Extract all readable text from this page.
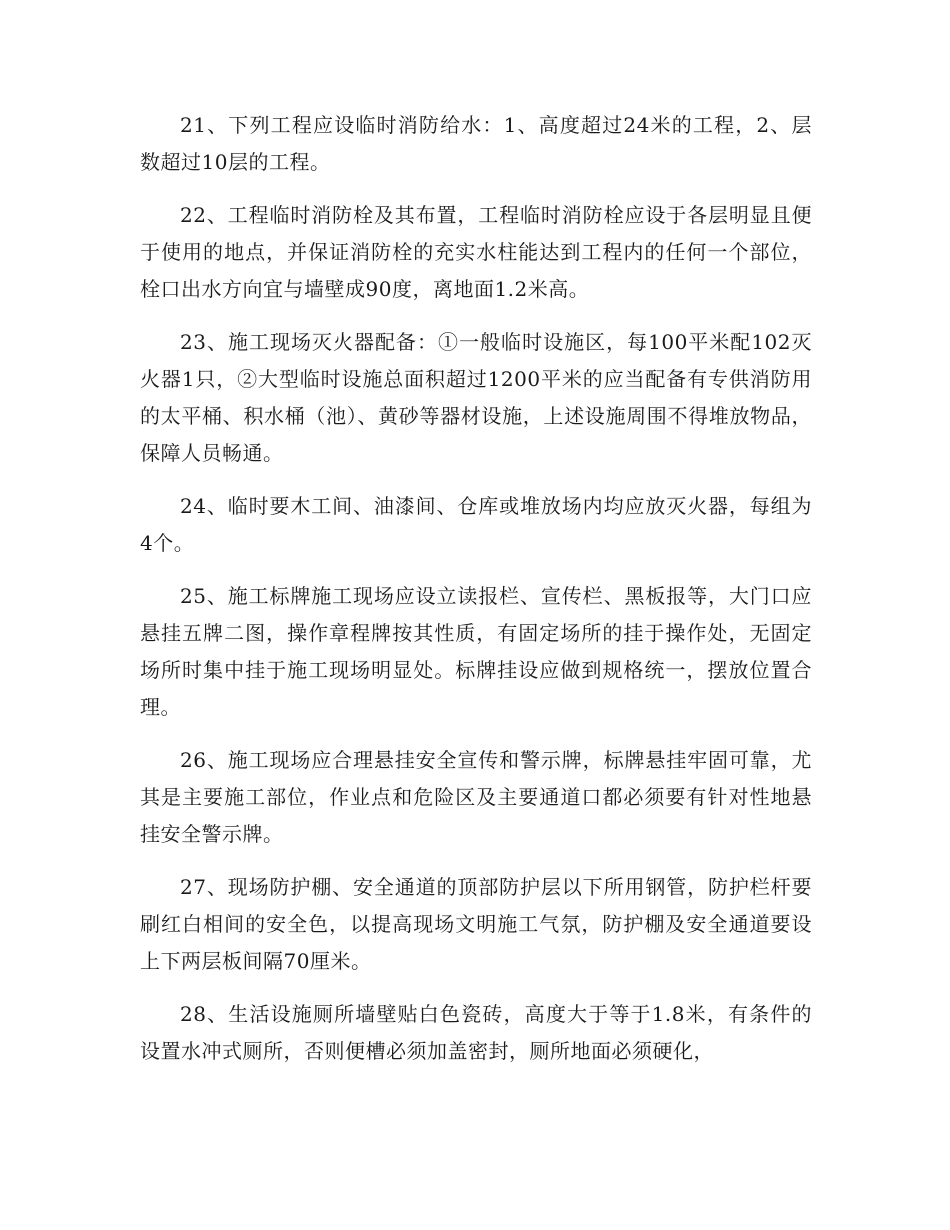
21、下列工程应设临时消防给水：1、高度超过24米的工程，2、层数超过10层的工程。

22、工程临时消防栓及其布置，工程临时消防栓应设于各层明显且便于使用的地点，并保证消防栓的充实水柱能达到工程内的任何一个部位，栓口出水方向宜与墙壁成90度，离地面1.2米高。

23、施工现场灭火器配备：①一般临时设施区，每100平米配102灭火器1只，②大型临时设施总面积超过1200平米的应当配备有专供消防用的太平桶、积水桶（池）、黄砂等器材设施，上述设施周围不得堆放物品，保障人员畅通。

24、临时要木工间、油漆间、仓库或堆放场内均应放灭火器，每组为4个。

25、施工标牌施工现场应设立读报栏、宣传栏、黑板报等，大门口应悬挂五牌二图，操作章程牌按其性质，有固定场所的挂于操作处，无固定场所时集中挂于施工现场明显处。标牌挂设应做到规格统一，摆放位置合理。

26、施工现场应合理悬挂安全宣传和警示牌，标牌悬挂牢固可靠，尤其是主要施工部位，作业点和危险区及主要通道口都必须要有针对性地悬挂安全警示牌。

27、现场防护棚、安全通道的顶部防护层以下所用钢管，防护栏杆要刷红白相间的安全色，以提高现场文明施工气氛，防护棚及安全通道要设上下两层板间隔70厘米。

28、生活设施厕所墙壁贴白色瓷砖，高度大于等于1.8米，有条件的设置水冲式厕所，否则便槽必须加盖密封，厕所地面必须硬化，
